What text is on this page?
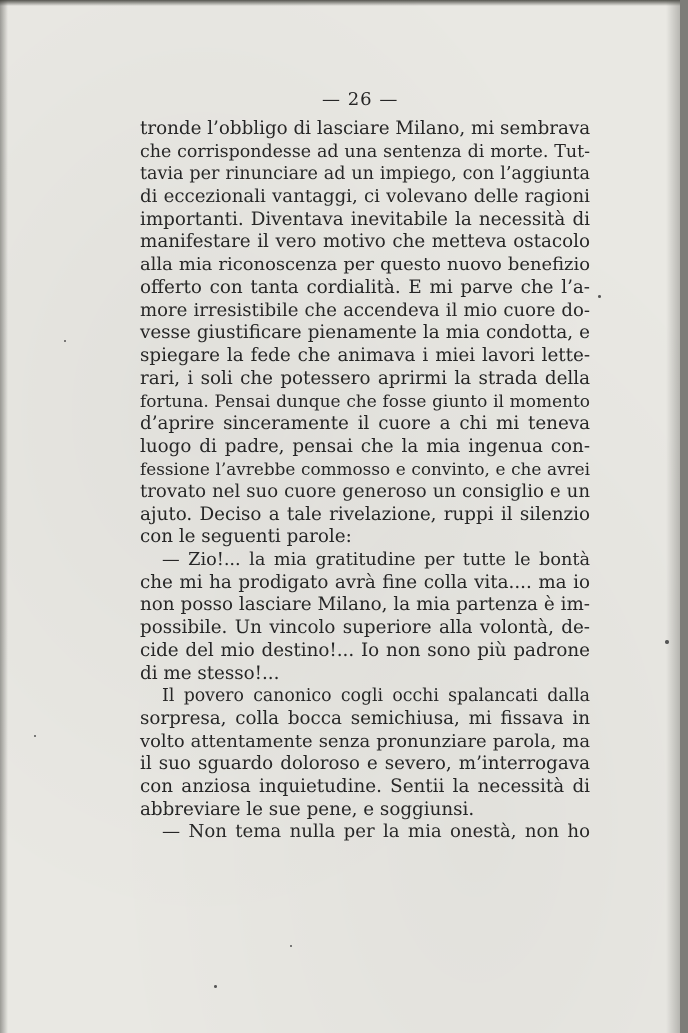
— 26 —
tronde l’obbligo di lasciare Milano, mi sembrava
che corrispondesse ad una sentenza di morte. Tut-
tavia per rinunciare ad un impiego, con l’aggiunta
di eccezionali vantaggi, ci volevano delle ragioni
importanti. Diventava inevitabile la necessità di
manifestare il vero motivo che metteva ostacolo
alla mia riconoscenza per questo nuovo benefizio
offerto con tanta cordialità. E mi parve che l’a-
more irresistibile che accendeva il mio cuore do-
vesse giustificare pienamente la mia condotta, e
spiegare la fede che animava i miei lavori lette-
rari, i soli che potessero aprirmi la strada della
fortuna. Pensai dunque che fosse giunto il momento
d’aprire sinceramente il cuore a chi mi teneva
luogo di padre, pensai che la mia ingenua con-
fessione l’avrebbe commosso e convinto, e che avrei
trovato nel suo cuore generoso un consiglio e un
ajuto. Deciso a tale rivelazione, ruppi il silenzio
con le seguenti parole:
— Zio!... la mia gratitudine per tutte le bontà
che mi ha prodigato avrà fine colla vita.... ma io
non posso lasciare Milano, la mia partenza è im-
possibile. Un vincolo superiore alla volontà, de-
cide del mio destino!... Io non sono più padrone
di me stesso!...
Il povero canonico cogli occhi spalancati dalla
sorpresa, colla bocca semichiusa, mi fissava in
volto attentamente senza pronunziare parola, ma
il suo sguardo doloroso e severo, m’interrogava
con anziosa inquietudine. Sentii la necessità di
abbreviare le sue pene, e soggiunsi.
— Non tema nulla per la mia onestà, non ho
